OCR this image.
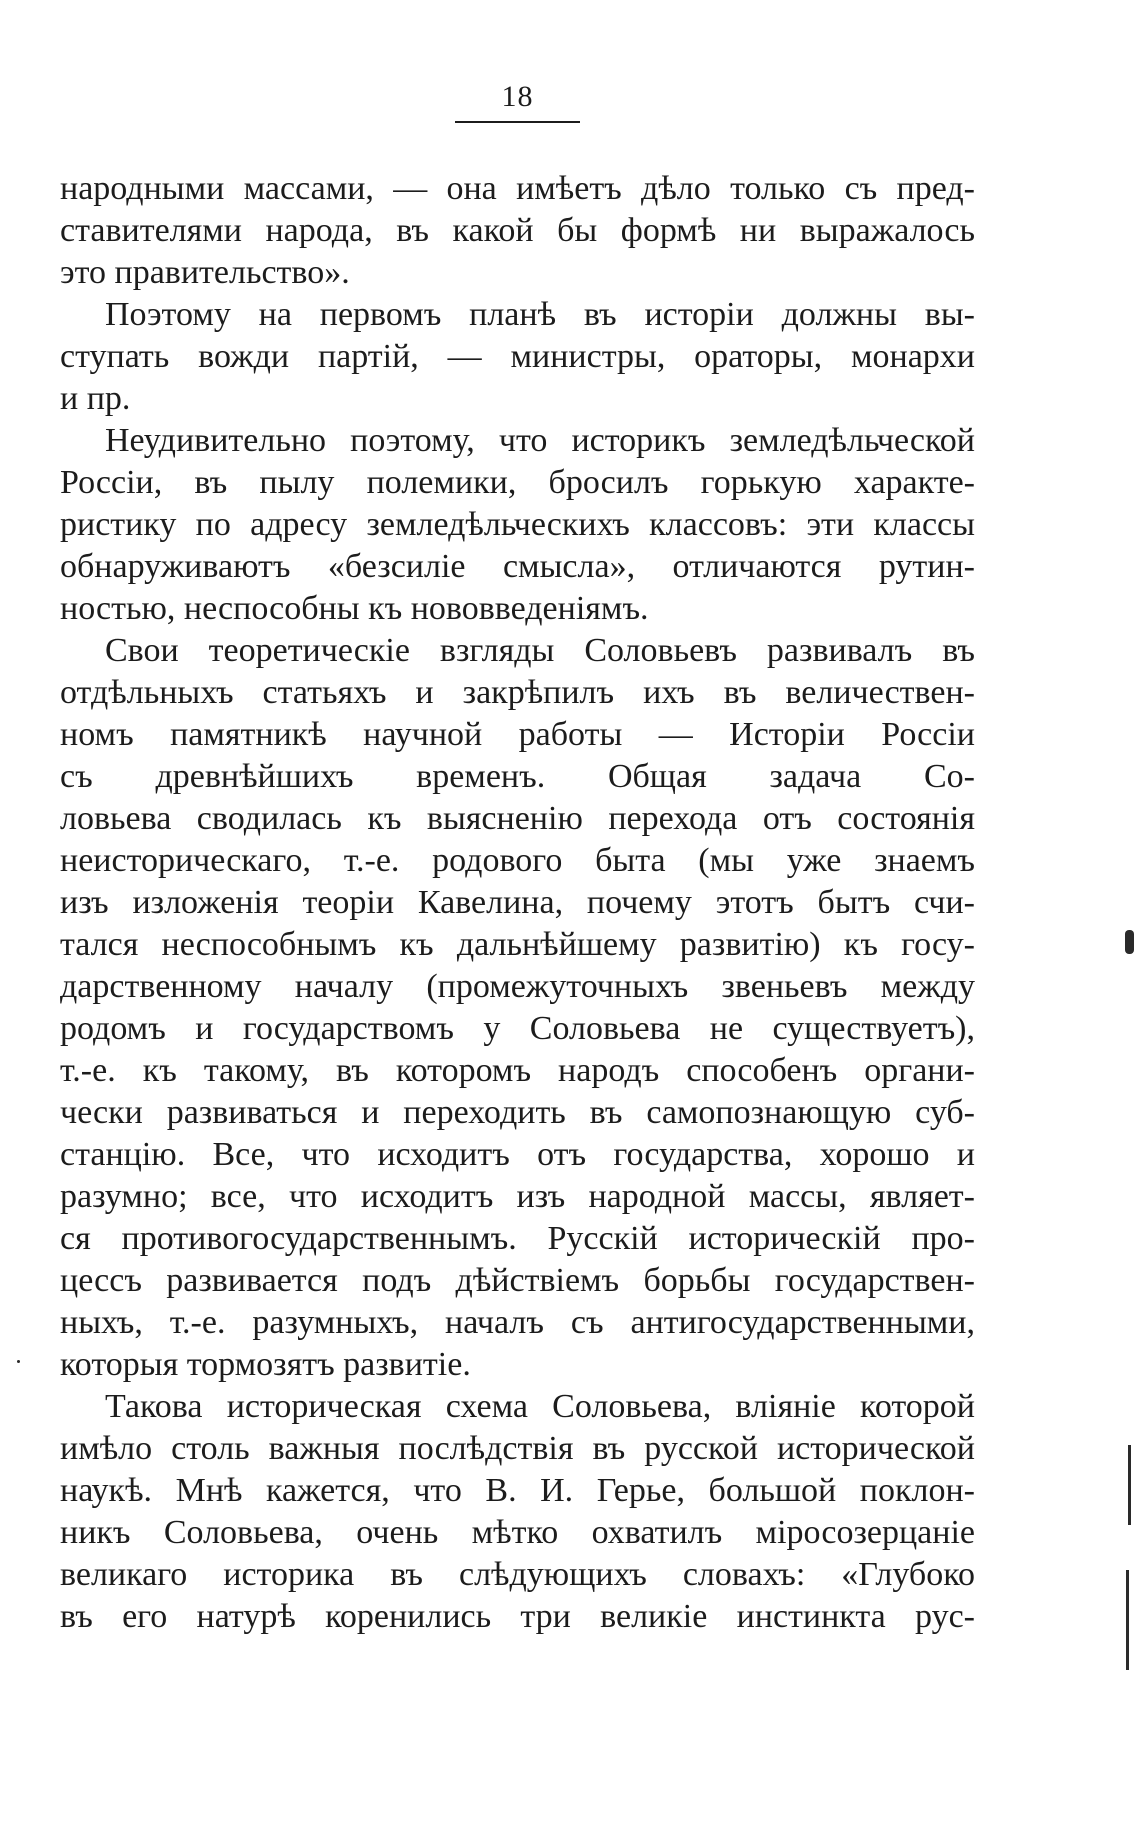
18
народными массами, — она имѣетъ дѣло только съ пред-
ставителями народа, въ какой бы формѣ ни выражалось
это правительство».
Поэтому на первомъ планѣ въ исторіи должны вы-
ступать вожди партій, — министры, ораторы, монархи
и пр.
Неудивительно поэтому, что историкъ земледѣльческой
Россіи, въ пылу полемики, бросилъ горькую характе-
ристику по адресу земледѣльческихъ классовъ: эти классы
обнаруживаютъ «безсиліе смысла», отличаются рутин-
ностью, неспособны къ нововведеніямъ.
Свои теоретическіе взгляды Соловьевъ развивалъ въ
отдѣльныхъ статьяхъ и закрѣпилъ ихъ въ величествен-
номъ памятникѣ научной работы — Исторіи Россіи
съ древнѣйшихъ временъ. Общая задача Со-
ловьева сводилась къ выясненію перехода отъ состоянія
неисторическаго, т.-е. родового быта (мы уже знаемъ
изъ изложенія теоріи Кавелина, почему этотъ бытъ счи-
тался неспособнымъ къ дальнѣйшему развитію) къ госу-
дарственному началу (промежуточныхъ звеньевъ между
родомъ и государствомъ у Соловьева не существуетъ),
т.-е. къ такому, въ которомъ народъ способенъ органи-
чески развиваться и переходить въ самопознающую суб-
станцію. Все, что исходитъ отъ государства, хорошо и
разумно; все, что исходитъ изъ народной массы, являет-
ся противогосударственнымъ. Русскій историческій про-
цессъ развивается подъ дѣйствіемъ борьбы государствен-
ныхъ, т.-е. разумныхъ, началъ съ антигосударственными,
которыя тормозятъ развитіе.
Такова историческая схема Соловьева, вліяніе которой
имѣло столь важныя послѣдствія въ русской исторической
наукѣ. Мнѣ кажется, что В. И. Герье, большой поклон-
никъ Соловьева, очень мѣтко охватилъ міросозерцаніе
великаго историка въ слѣдующихъ словахъ: «Глубоко
въ его натурѣ коренились три великіе инстинкта рус-
